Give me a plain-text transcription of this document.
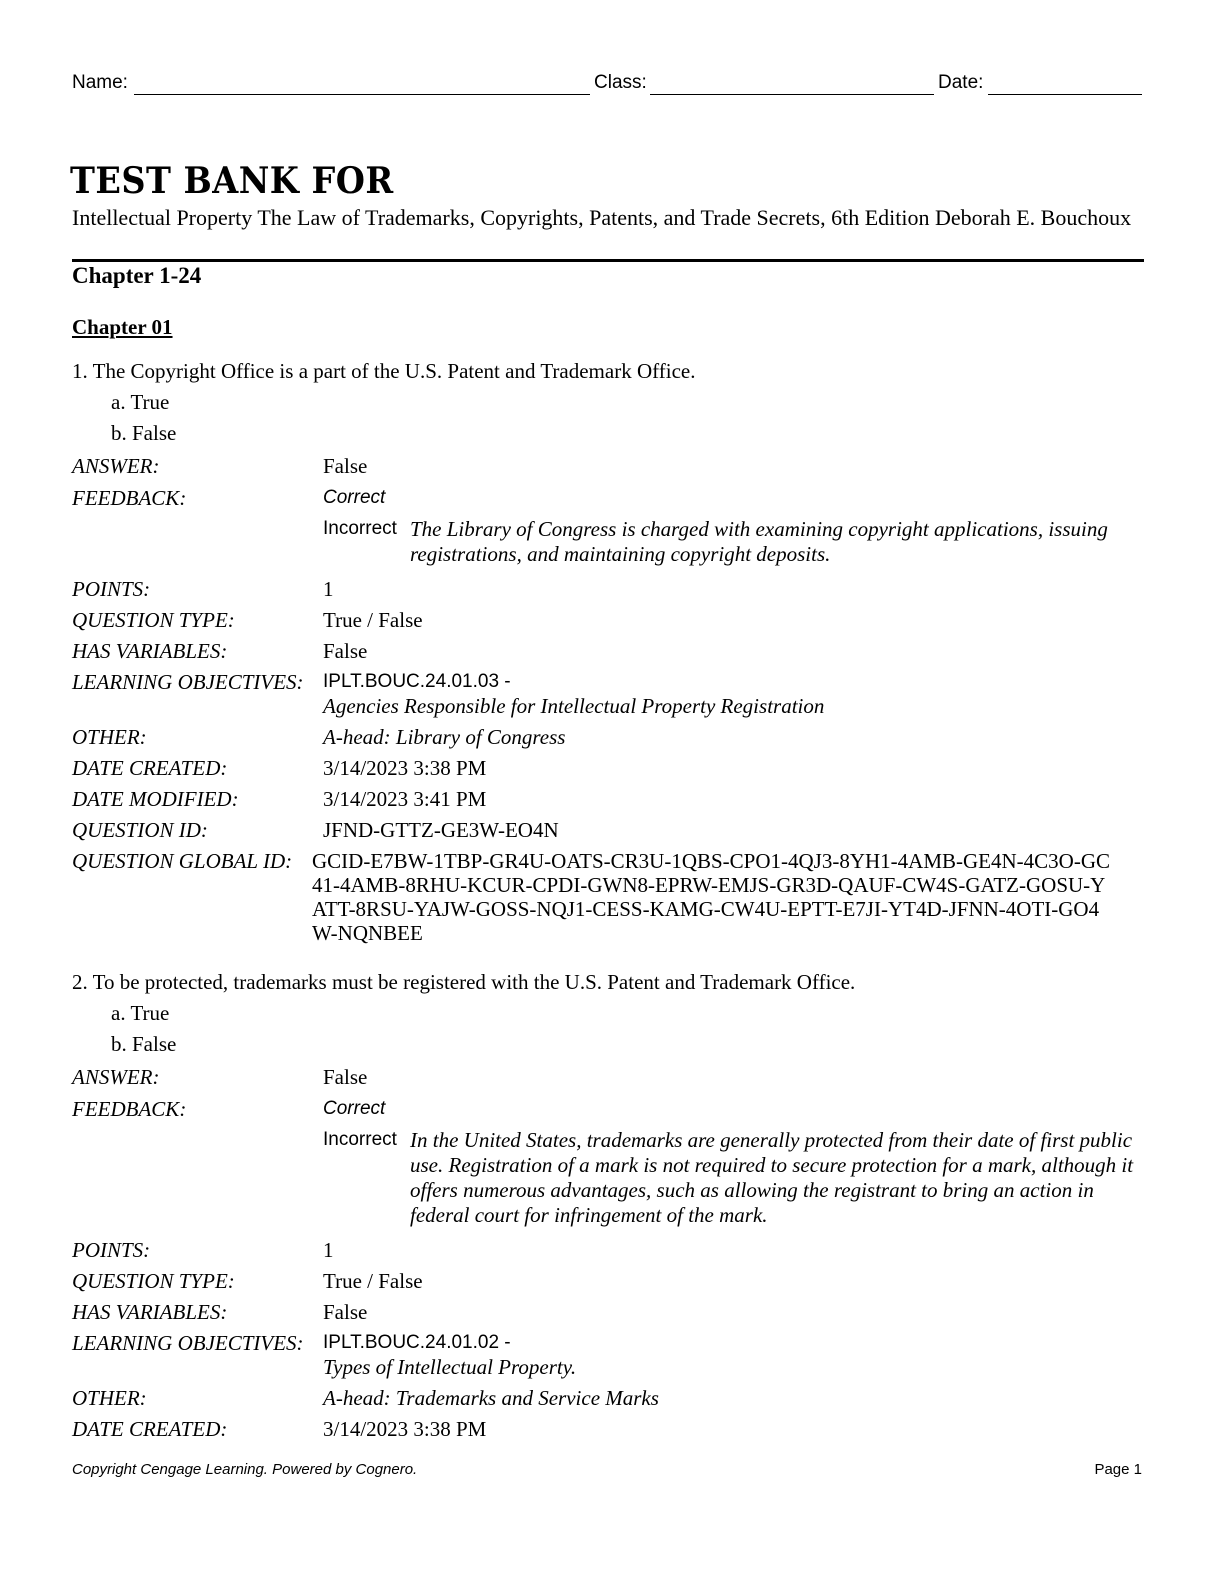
Name:	Class:	Date:
TEST BANK FOR
Intellectual Property The Law of Trademarks, Copyrights, Patents, and Trade Secrets, 6th Edition Deborah E. Bouchoux
Chapter 1-24
Chapter 01
1. The Copyright Office is a part of the U.S. Patent and Trademark Office.
a. True
b. False
ANSWER:	False
FEEDBACK:	Correct
Incorrect The Library of Congress is charged with examining copyright applications, issuing registrations, and maintaining copyright deposits.
POINTS:	1
QUESTION TYPE:	True / False
HAS VARIABLES:	False
LEARNING OBJECTIVES: IPLT.BOUC.24.01.03 -
Agencies Responsible for Intellectual Property Registration
OTHER:	A-head: Library of Congress
DATE CREATED:	3/14/2023 3:38 PM
DATE MODIFIED:	3/14/2023 3:41 PM
QUESTION ID:	JFND-GTTZ-GE3W-EO4N
QUESTION GLOBAL ID: GCID-E7BW-1TBP-GR4U-OATS-CR3U-1QBS-CPO1-4QJ3-8YH1-4AMB-GE4N-4C3O-GC41-4AMB-8RHU-KCUR-CPDI-GWN8-EPRW-EMJS-GR3D-QAUF-CW4S-GATZ-GOSU-YATT-8RSU-YAJW-GOSS-NQJ1-CESS-KAMG-CW4U-EPTT-E7JI-YT4D-JFNN-4OTI-GO4W-NQNBEE
2. To be protected, trademarks must be registered with the U.S. Patent and Trademark Office.
a. True
b. False
ANSWER:	False
FEEDBACK:	Correct
Incorrect In the United States, trademarks are generally protected from their date of first public use. Registration of a mark is not required to secure protection for a mark, although it offers numerous advantages, such as allowing the registrant to bring an action in federal court for infringement of the mark.
POINTS:	1
QUESTION TYPE:	True / False
HAS VARIABLES:	False
LEARNING OBJECTIVES: IPLT.BOUC.24.01.02 -
Types of Intellectual Property.
OTHER:	A-head: Trademarks and Service Marks
DATE CREATED:	3/14/2023 3:38 PM
Copyright Cengage Learning. Powered by Cognero.	Page 1
